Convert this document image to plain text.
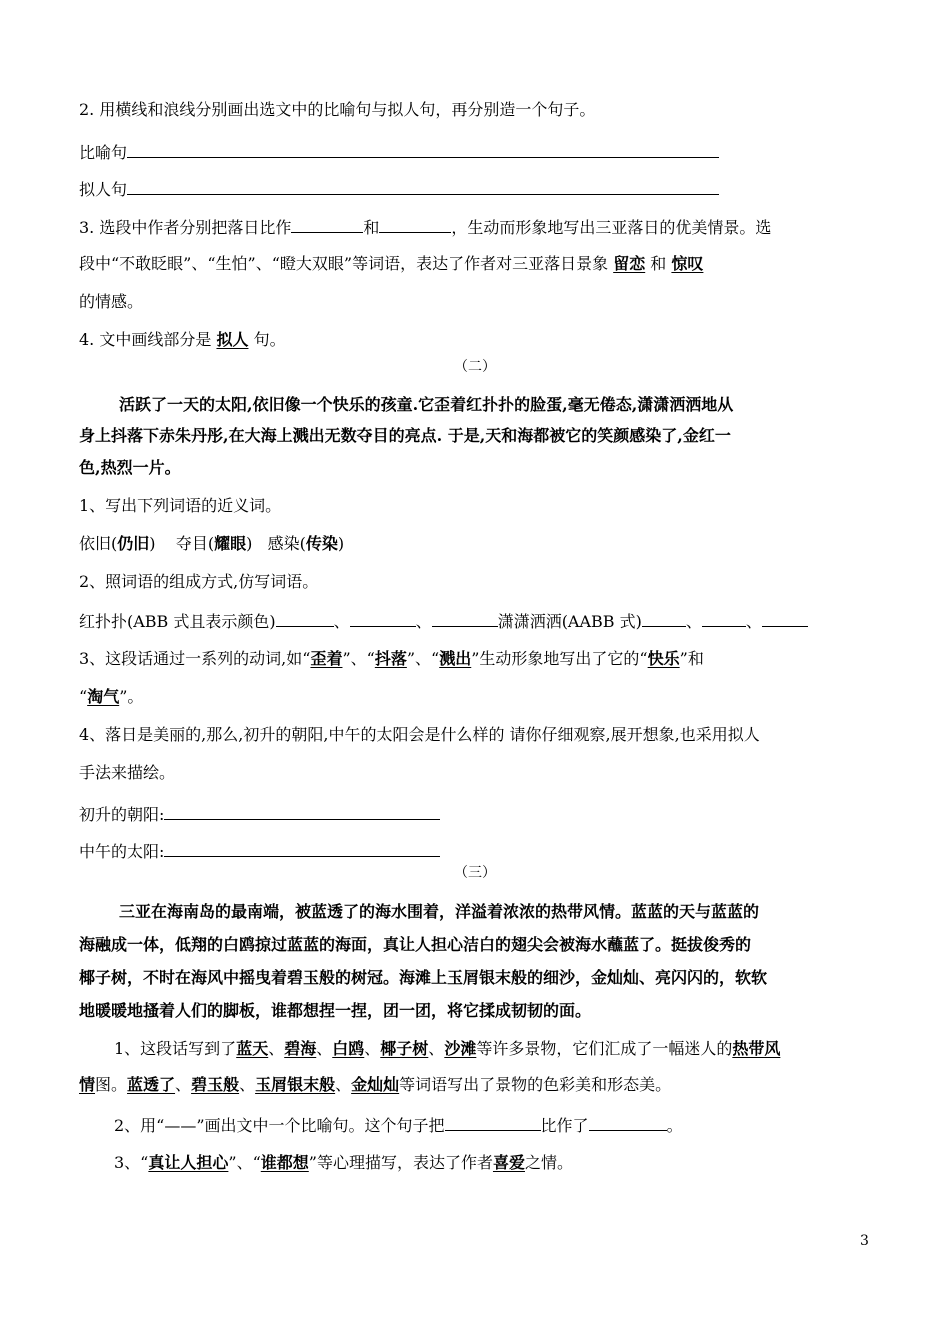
2. 用横线和浪线分别画出选文中的比喻句与拟人句，再分别造一个句子。
比喻句
拟人句
3. 选段中作者分别把落日比作	和	，生动而形象地写出三亚落日的优美情景。选
段中“不敢眨眼”、“生怕”、“瞪大双眼”等词语，表达了作者对三亚落日景象 留恋 和 惊叹
的情感。
4. 文中画线部分是 拟人 句。
（二）
活跃了一天的太阳,依旧像一个快乐的孩童.它歪着红扑扑的脸蛋,毫无倦态,潇潇洒洒地从
身上抖落下赤朱丹彤,在大海上溅出无数夺目的亮点. 于是,天和海都被它的笑颜感染了,金红一
色,热烈一片。
1、写出下列词语的近义词。
依旧(仍旧) 夺目(耀眼) 感染(传染)
2、照词语的组成方式,仿写词语。
红扑扑(ABB 式且表示颜色)	、	、	潇潇洒洒(AABB 式)	、	、
3、这段话通过一系列的动词,如“歪着”、“抖落”、“溅出”生动形象地写出了它的“快乐”和
“淘气”。
4、落日是美丽的,那么,初升的朝阳,中午的太阳会是什么样的 请你仔细观察,展开想象,也采用拟人
手法来描绘。
初升的朝阳:
中午的太阳:
（三）
三亚在海南岛的最南端，被蓝透了的海水围着，洋溢着浓浓的热带风情。蓝蓝的天与蓝蓝的
海融成一体，低翔的白鸥掠过蓝蓝的海面，真让人担心洁白的翅尖会被海水蘸蓝了。挺拔俊秀的
椰子树，不时在海风中摇曳着碧玉般的树冠。海滩上玉屑银末般的细沙，金灿灿、亮闪闪的，软软
地暖暖地搔着人们的脚板，谁都想捏一捏，团一团，将它揉成韧韧的面。
1、这段话写到了蓝天、碧海、白鸥、椰子树、沙滩等许多景物，它们汇成了一幅迷人的热带风
情图。蓝透了、碧玉般、玉屑银末般、金灿灿等词语写出了景物的色彩美和形态美。
2、用“——”画出文中一个比喻句。这个句子把	比作了	。
3、“真让人担心”、“谁都想”等心理描写，表达了作者喜爱之情。
3
